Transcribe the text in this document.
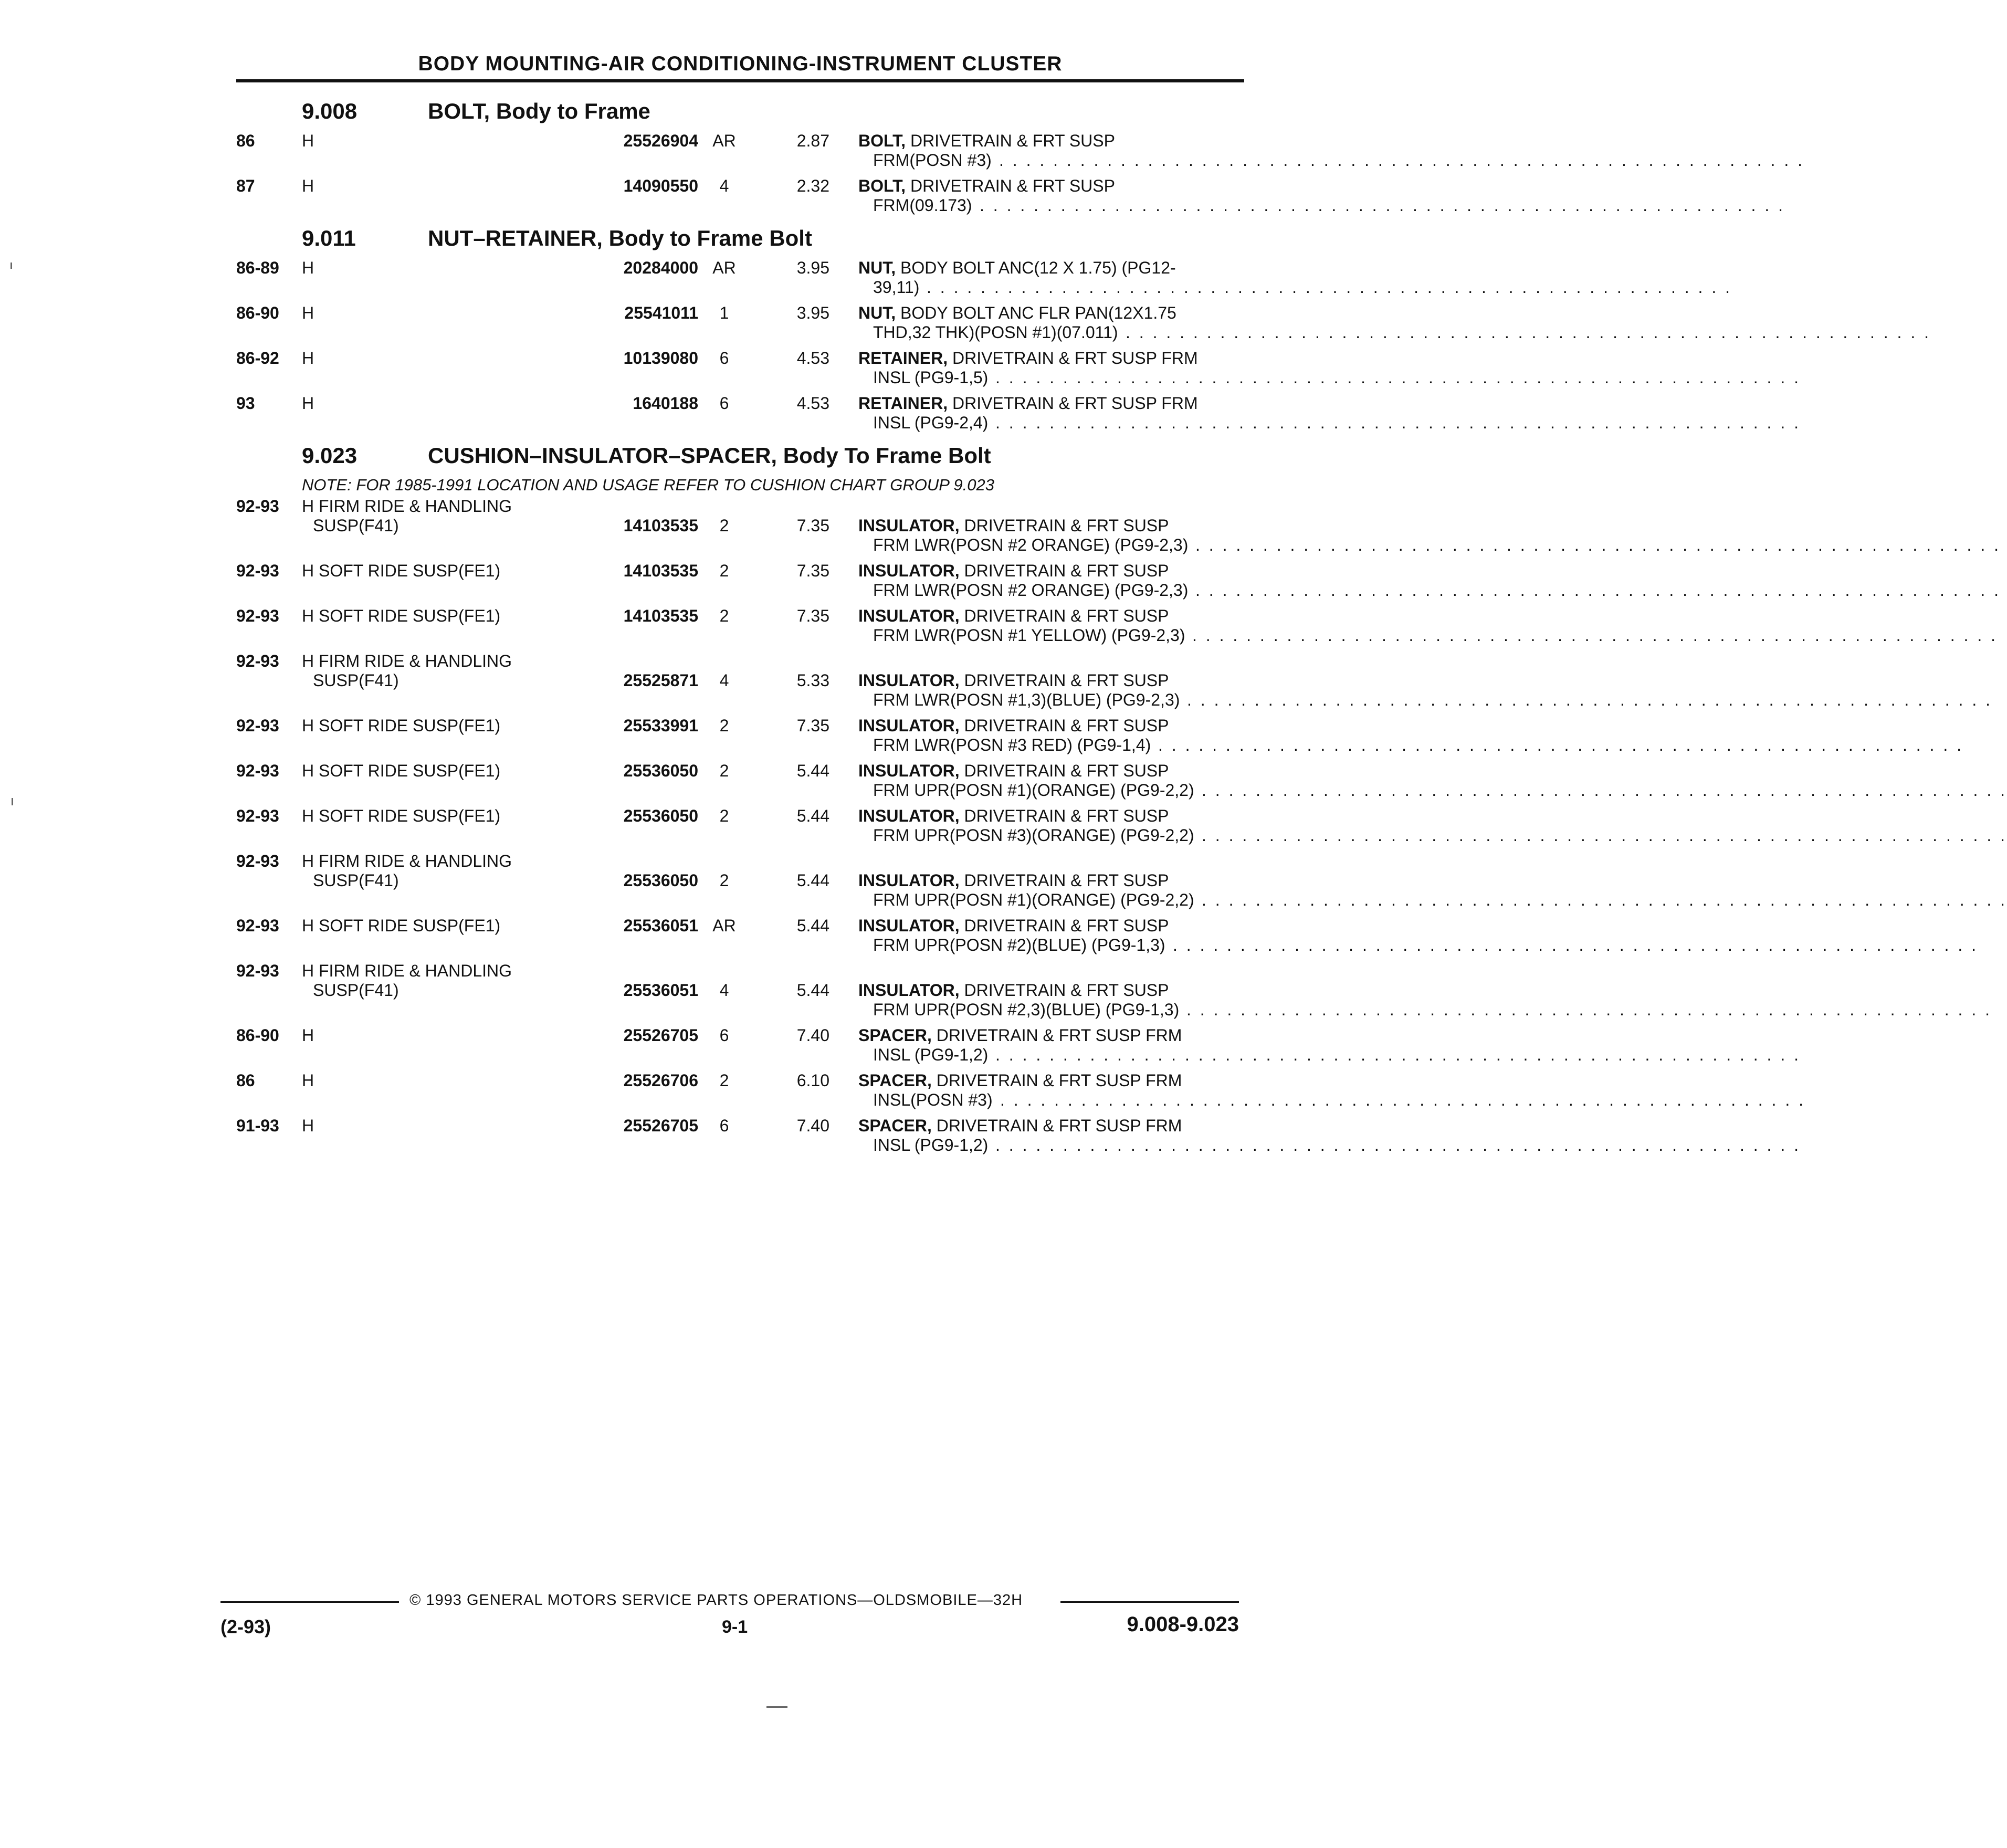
BODY MOUNTING-AIR CONDITIONING-INSTRUMENT CLUSTER
9.008	BOLT, Body to Frame
86	H	25526904 AR	2.87 BOLT, DRIVETRAIN & FRT SUSP
FRM(POSN #3) . . . . . . . . . . . . . . . . . . . . . . . . . . . . . . . . . . . . . . . . . . . . . . . . . . . . . . . . . . . .
87	H	14090550	4	2.32 BOLT, DRIVETRAIN & FRT SUSP
FRM(09.173) . . . . . . . . . . . . . . . . . . . . . . . . . . . . . . . . . . . . . . . . . . . . . . . . . . . . . . . . . . . .
9.011	NUT–RETAINER, Body to Frame Bolt
86-89 H	20284000 AR	3.95 NUT, BODY BOLT ANC(12 X 1.75) (PG12-
39,11) . . . . . . . . . . . . . . . . . . . . . . . . . . . . . . . . . . . . . . . . . . . . . . . . . . . . . . . . . . . .
86-90 H	25541011	1	3.95 NUT, BODY BOLT ANC FLR PAN(12X1.75
THD,32 THK)(POSN #1)(07.011) . . . . . . . . . . . . . . . . . . . . . . . . . . . . . . . . . . . . . . . . . . . . . . . . . . . . . . . . . . . .
86-92 H	10139080	6	4.53 RETAINER, DRIVETRAIN & FRT SUSP FRM
INSL (PG9-1,5) . . . . . . . . . . . . . . . . . . . . . . . . . . . . . . . . . . . . . . . . . . . . . . . . . . . . . . . . . . . .
93	H	1640188	6	4.53 RETAINER, DRIVETRAIN & FRT SUSP FRM
INSL (PG9-2,4) . . . . . . . . . . . . . . . . . . . . . . . . . . . . . . . . . . . . . . . . . . . . . . . . . . . . . . . . . . . .
9.023	CUSHION–INSULATOR–SPACER, Body To Frame Bolt
NOTE: FOR 1985-1991 LOCATION AND USAGE REFER TO CUSHION CHART GROUP 9.023
92-93 H FIRM RIDE & HANDLING
SUSP(F41)	14103535	2	7.35 INSULATOR, DRIVETRAIN & FRT SUSP
FRM LWR(POSN #2 ORANGE) (PG9-2,3) . . . . . . . . . . . . . . . . . . . . . . . . . . . . . . . . . . . . . . . . . . . . . . . . . . . . . . . . . . . .
92-93 H SOFT RIDE SUSP(FE1)	14103535	2	7.35 INSULATOR, DRIVETRAIN & FRT SUSP
FRM LWR(POSN #2 ORANGE) (PG9-2,3) . . . . . . . . . . . . . . . . . . . . . . . . . . . . . . . . . . . . . . . . . . . . . . . . . . . . . . . . . . . .
92-93 H SOFT RIDE SUSP(FE1)	14103535	2	7.35 INSULATOR, DRIVETRAIN & FRT SUSP
FRM LWR(POSN #1 YELLOW) (PG9-2,3) . . . . . . . . . . . . . . . . . . . . . . . . . . . . . . . . . . . . . . . . . . . . . . . . . . . . . . . . . . . .
92-93 H FIRM RIDE & HANDLING
SUSP(F41)	25525871	4	5.33 INSULATOR, DRIVETRAIN & FRT SUSP
FRM LWR(POSN #1,3)(BLUE) (PG9-2,3) . . . . . . . . . . . . . . . . . . . . . . . . . . . . . . . . . . . . . . . . . . . . . . . . . . . . . . . . . . . .
92-93 H SOFT RIDE SUSP(FE1)	25533991	2	7.35 INSULATOR, DRIVETRAIN & FRT SUSP
FRM LWR(POSN #3 RED) (PG9-1,4) . . . . . . . . . . . . . . . . . . . . . . . . . . . . . . . . . . . . . . . . . . . . . . . . . . . . . . . . . . . .
92-93 H SOFT RIDE SUSP(FE1)	25536050	2	5.44 INSULATOR, DRIVETRAIN & FRT SUSP
FRM UPR(POSN #1)(ORANGE) (PG9-2,2) . . . . . . . . . . . . . . . . . . . . . . . . . . . . . . . . . . . . . . . . . . . . . . . . . . . . . . . . . . . .
92-93 H SOFT RIDE SUSP(FE1)	25536050	2	5.44 INSULATOR, DRIVETRAIN & FRT SUSP
FRM UPR(POSN #3)(ORANGE) (PG9-2,2) . . . . . . . . . . . . . . . . . . . . . . . . . . . . . . . . . . . . . . . . . . . . . . . . . . . . . . . . . . . .
92-93 H FIRM RIDE & HANDLING
SUSP(F41)	25536050	2	5.44 INSULATOR, DRIVETRAIN & FRT SUSP
FRM UPR(POSN #1)(ORANGE) (PG9-2,2) . . . . . . . . . . . . . . . . . . . . . . . . . . . . . . . . . . . . . . . . . . . . . . . . . . . . . . . . . . . .
92-93 H SOFT RIDE SUSP(FE1)	25536051 AR	5.44 INSULATOR, DRIVETRAIN & FRT SUSP
FRM UPR(POSN #2)(BLUE) (PG9-1,3) . . . . . . . . . . . . . . . . . . . . . . . . . . . . . . . . . . . . . . . . . . . . . . . . . . . . . . . . . . . .
92-93 H FIRM RIDE & HANDLING
SUSP(F41)	25536051	4	5.44 INSULATOR, DRIVETRAIN & FRT SUSP
FRM UPR(POSN #2,3)(BLUE) (PG9-1,3) . . . . . . . . . . . . . . . . . . . . . . . . . . . . . . . . . . . . . . . . . . . . . . . . . . . . . . . . . . . .
86-90 H	25526705	6	7.40 SPACER, DRIVETRAIN & FRT SUSP FRM
INSL (PG9-1,2) . . . . . . . . . . . . . . . . . . . . . . . . . . . . . . . . . . . . . . . . . . . . . . . . . . . . . . . . . . . .
86	H	25526706	2	6.10 SPACER, DRIVETRAIN & FRT SUSP FRM
INSL(POSN #3) . . . . . . . . . . . . . . . . . . . . . . . . . . . . . . . . . . . . . . . . . . . . . . . . . . . . . . . . . . . .
91-93 H	25526705	6	7.40 SPACER, DRIVETRAIN & FRT SUSP FRM
INSL (PG9-1,2) . . . . . . . . . . . . . . . . . . . . . . . . . . . . . . . . . . . . . . . . . . . . . . . . . . . . . . . . . . . .
© 1993 GENERAL MOTORS SERVICE PARTS OPERATIONS—OLDSMOBILE—32H
(2-93)	9-1	9.008-9.023
